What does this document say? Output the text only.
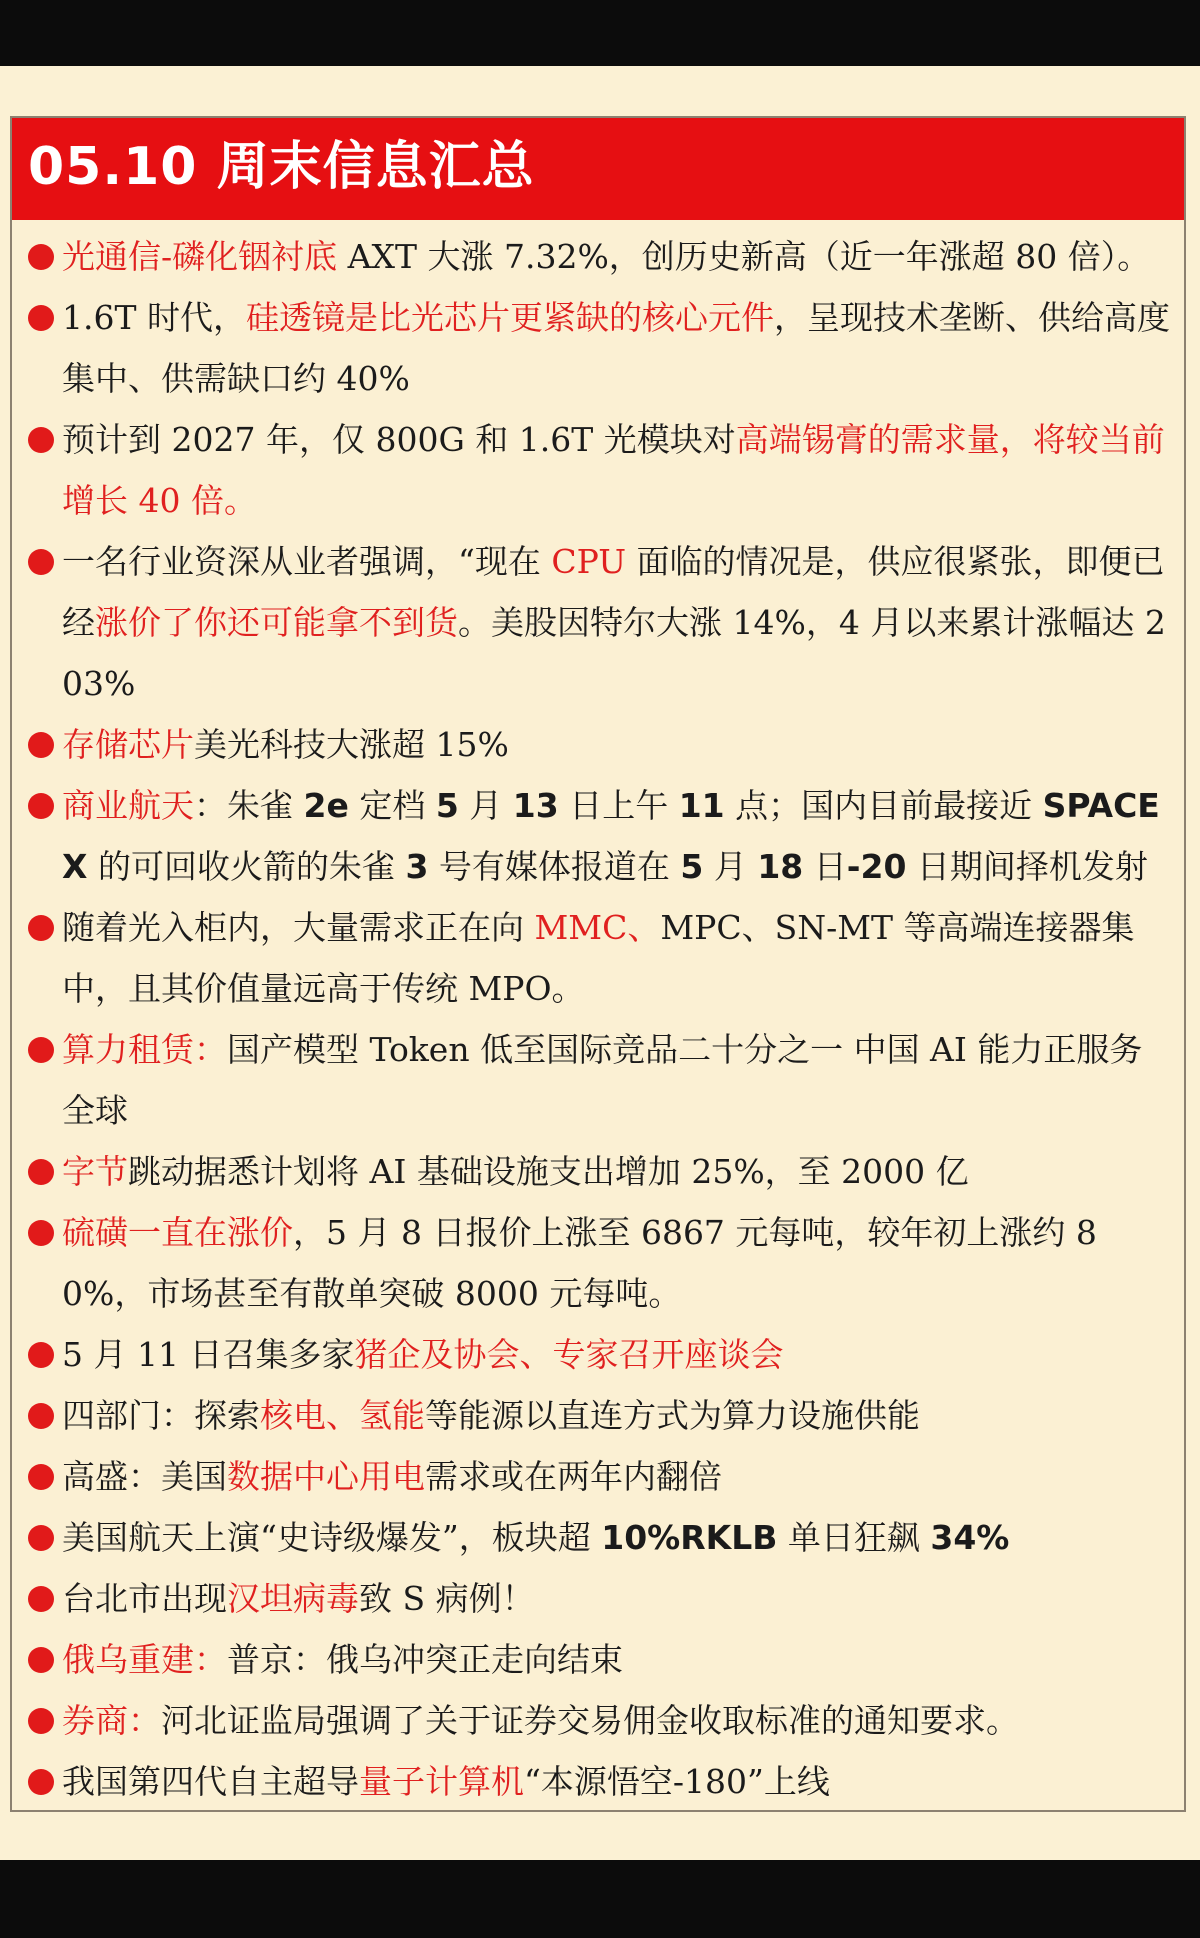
05.10 周末信息汇总
光通信-磷化铟衬底 AXT 大涨 7.32%，创历史新高（近一年涨超 80 倍）。
1.6T 时代，硅透镜是比光芯片更紧缺的核心元件，呈现技术垄断、供给高度集中、供需缺口约 40%
预计到 2027 年，仅 800G 和 1.6T 光模块对高端锡膏的需求量，将较当前增长 40 倍。
一名行业资深从业者强调，“现在 CPU 面临的情况是，供应很紧张，即便已经涨价了你还可能拿不到货。美股因特尔大涨 14%，4 月以来累计涨幅达 203%
存储芯片美光科技大涨超 15%
商业航天：朱雀 2e 定档 5 月 13 日上午 11 点；国内目前最接近 SPACE X 的可回收火箭的朱雀 3 号有媒体报道在 5 月 18 日-20 日期间择机发射
随着光入柜内，大量需求正在向 MMC、MPC、SN-MT 等高端连接器集中，且其价值量远高于传统 MPO。
算力租赁：国产模型 Token 低至国际竞品二十分之一 中国 AI 能力正服务全球
字节跳动据悉计划将 AI 基础设施支出增加 25%，至 2000 亿
硫磺一直在涨价，5 月 8 日报价上涨至 6867 元每吨，较年初上涨约 80%，市场甚至有散单突破 8000 元每吨。
5 月 11 日召集多家猪企及协会、专家召开座谈会
四部门：探索核电、氢能等能源以直连方式为算力设施供能
高盛：美国数据中心用电需求或在两年内翻倍
美国航天上演“史诗级爆发”，板块超 10%RKLB 单日狂飙 34%
台北市出现汉坦病毒致 S 病例！
俄乌重建：普京：俄乌冲突正走向结束
券商：河北证监局强调了关于证券交易佣金收取标准的通知要求。
我国第四代自主超导量子计算机“本源悟空-180”上线
